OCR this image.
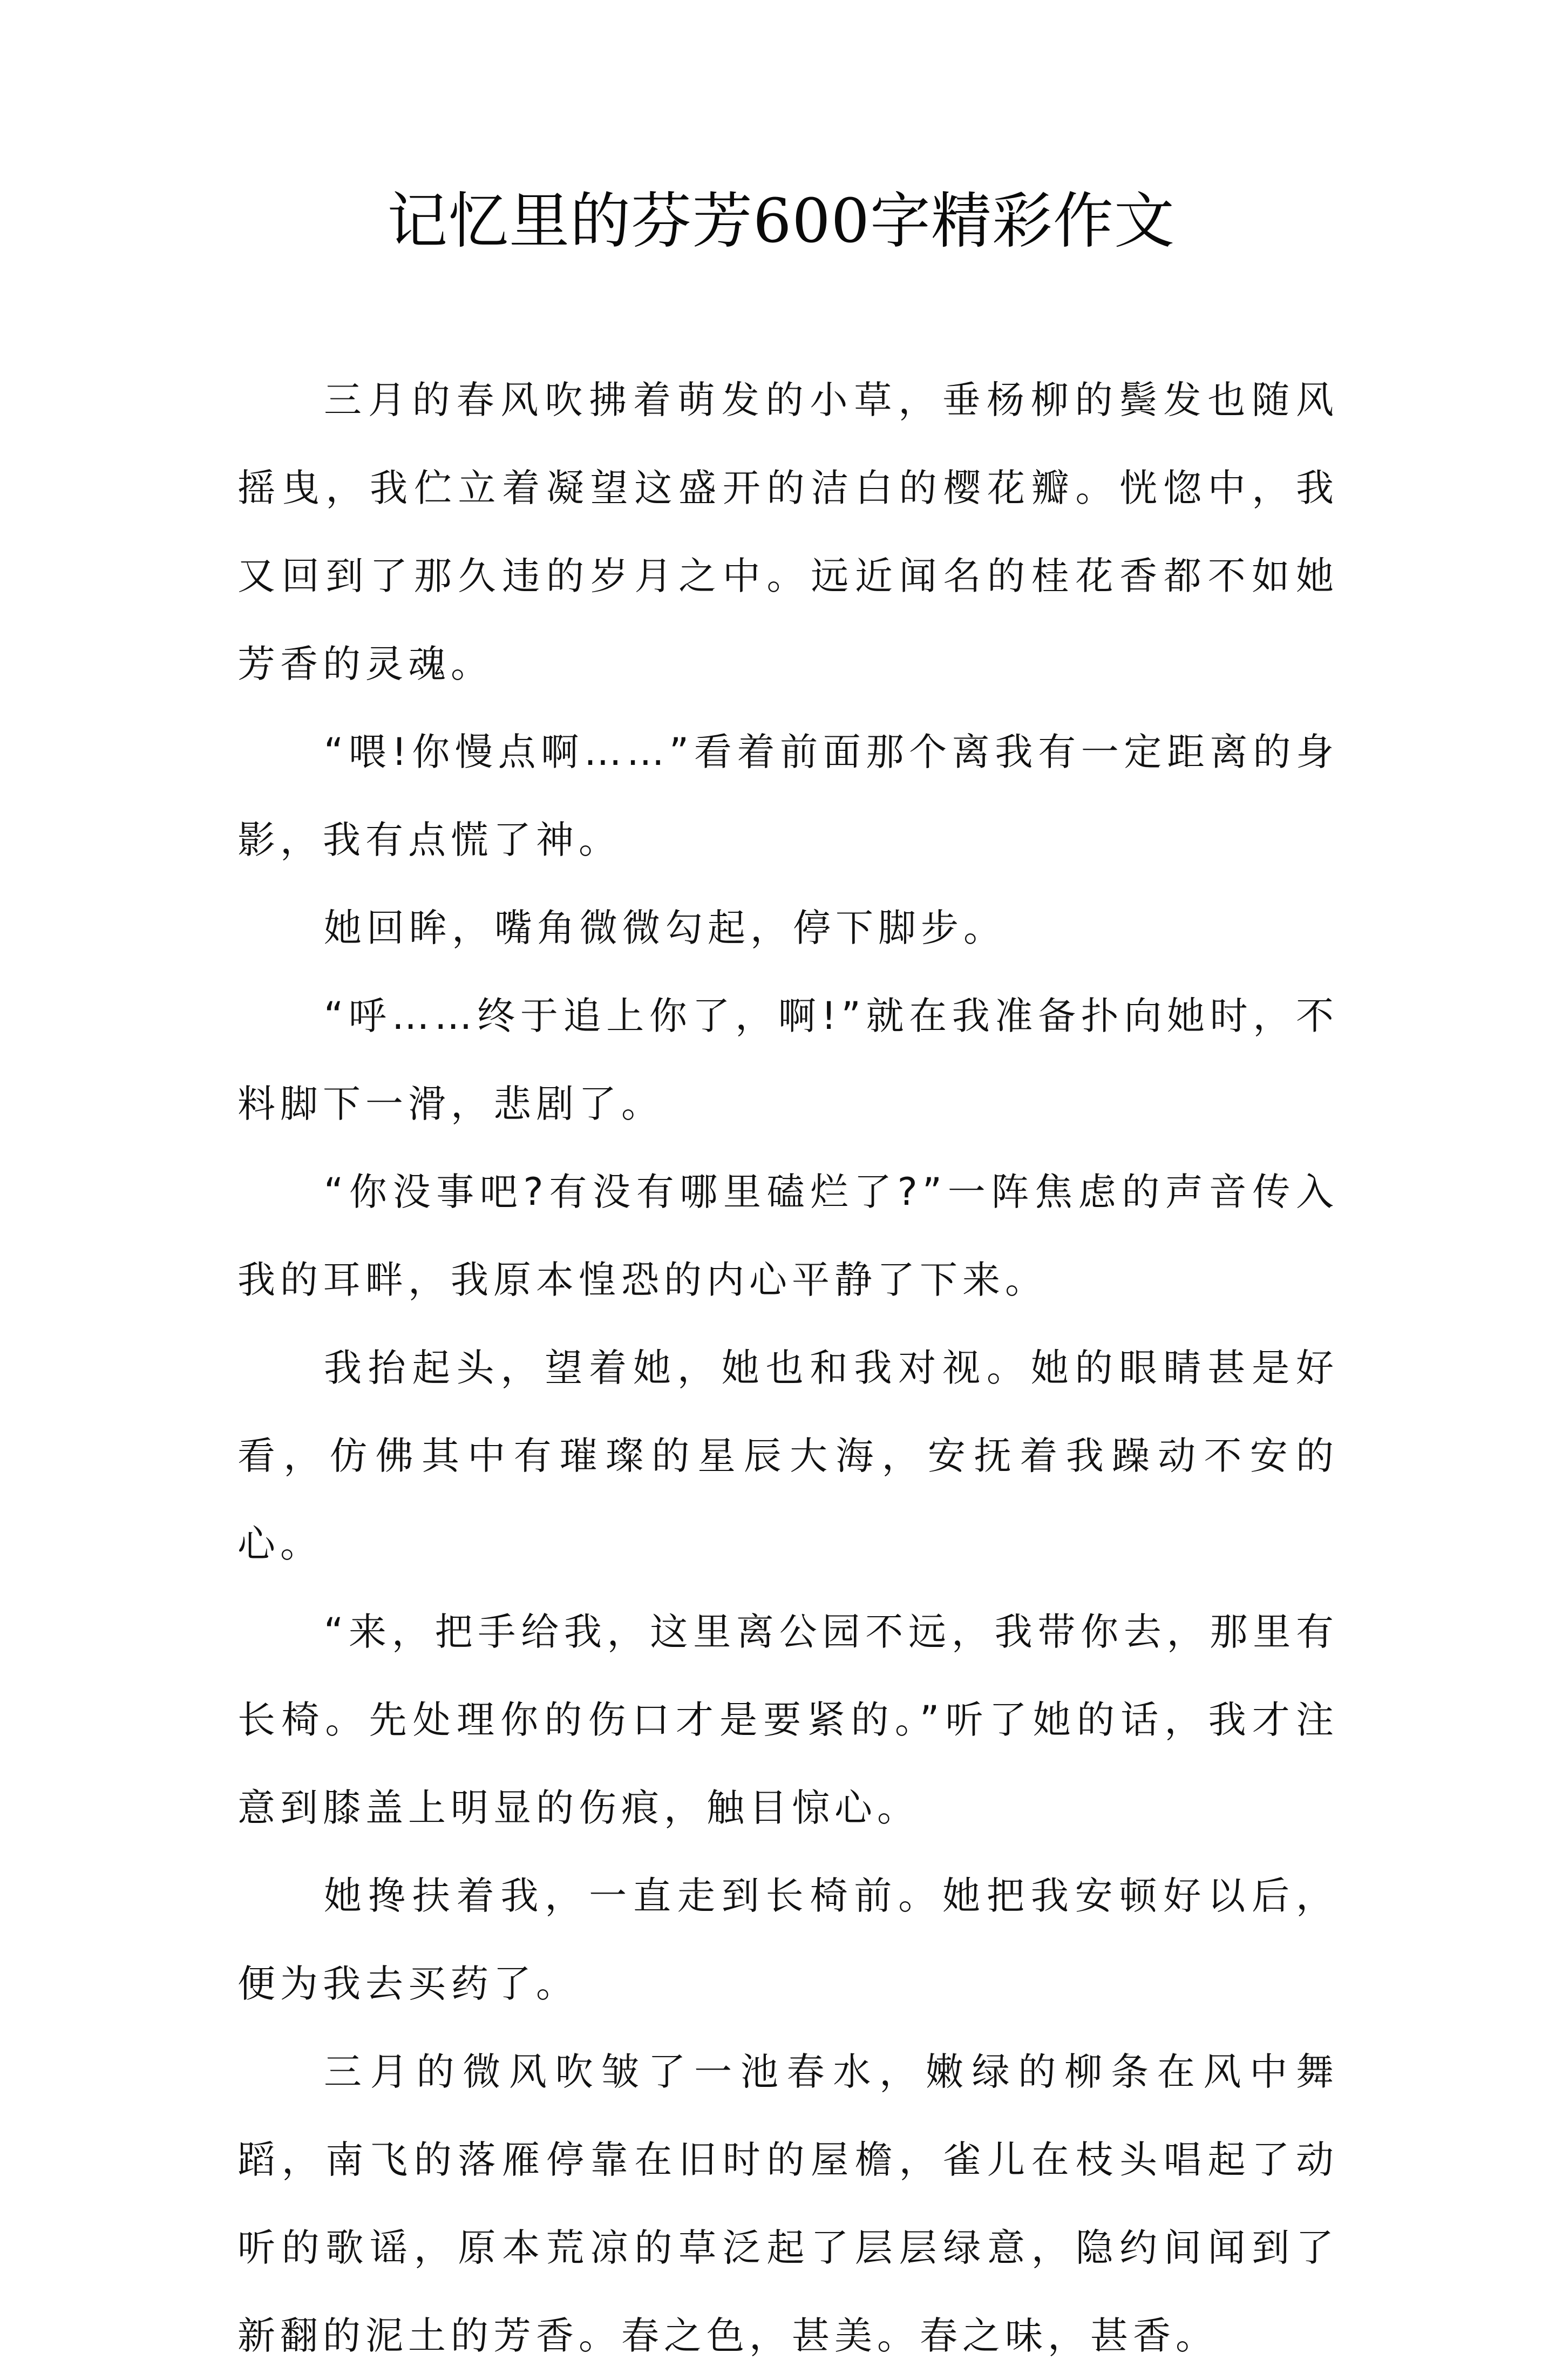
记忆里的芬芳600字精彩作文

三月的春风吹拂着萌发的小草，垂杨柳的鬓发也随风摇曳，我伫立着凝望这盛开的洁白的樱花瓣。恍惚中，我又回到了那久违的岁月之中。远近闻名的桂花香都不如她芳香的灵魂。

“喂!你慢点啊……”看着前面那个离我有一定距离的身影，我有点慌了神。

她回眸，嘴角微微勾起，停下脚步。

“呼……终于追上你了，啊!”就在我准备扑向她时，不料脚下一滑，悲剧了。

“你没事吧?有没有哪里磕烂了?”一阵焦虑的声音传入我的耳畔，我原本惶恐的内心平静了下来。

我抬起头，望着她，她也和我对视。她的眼睛甚是好看，仿佛其中有璀璨的星辰大海，安抚着我躁动不安的心。

“来，把手给我，这里离公园不远，我带你去，那里有长椅。先处理你的伤口才是要紧的。”听了她的话，我才注意到膝盖上明显的伤痕，触目惊心。

她搀扶着我，一直走到长椅前。她把我安顿好以后，便为我去买药了。

三月的微风吹皱了一池春水，嫩绿的柳条在风中舞蹈，南飞的落雁停靠在旧时的屋檐，雀儿在枝头唱起了动听的歌谣，原本荒凉的草泛起了层层绿意，隐约间闻到了新翻的泥土的芳香。春之色，甚美。春之味，甚香。
